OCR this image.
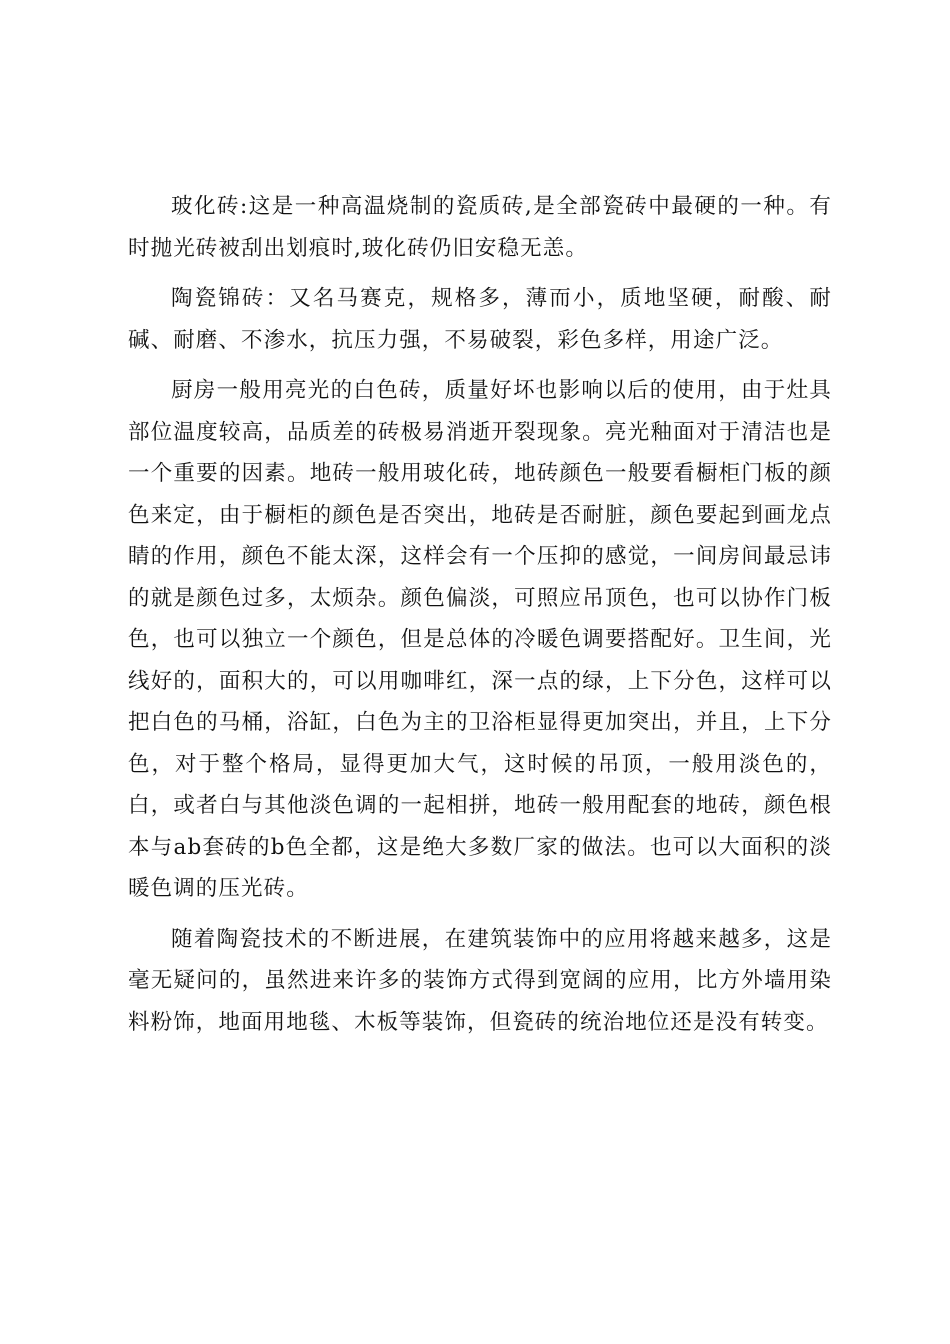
玻化砖:这是一种高温烧制的瓷质砖,是全部瓷砖中最硬的一种。有时抛光砖被刮出划痕时,玻化砖仍旧安稳无恙。

陶瓷锦砖：又名马赛克，规格多，薄而小，质地坚硬，耐酸、耐碱、耐磨、不渗水，抗压力强，不易破裂，彩色多样，用途广泛。

厨房一般用亮光的白色砖，质量好坏也影响以后的使用，由于灶具部位温度较高，品质差的砖极易消逝开裂现象。亮光釉面对于清洁也是一个重要的因素。地砖一般用玻化砖，地砖颜色一般要看橱柜门板的颜色来定，由于橱柜的颜色是否突出，地砖是否耐脏，颜色要起到画龙点睛的作用，颜色不能太深，这样会有一个压抑的感觉，一间房间最忌讳的就是颜色过多，太烦杂。颜色偏淡，可照应吊顶色，也可以协作门板色，也可以独立一个颜色，但是总体的冷暖色调要搭配好。卫生间，光线好的，面积大的，可以用咖啡红，深一点的绿，上下分色，这样可以把白色的马桶，浴缸，白色为主的卫浴柜显得更加突出，并且，上下分色，对于整个格局，显得更加大气，这时候的吊顶，一般用淡色的，白，或者白与其他淡色调的一起相拼，地砖一般用配套的地砖，颜色根本与ab套砖的b色全都，这是绝大多数厂家的做法。也可以大面积的淡暖色调的压光砖。

随着陶瓷技术的不断进展，在建筑装饰中的应用将越来越多，这是毫无疑问的，虽然进来许多的装饰方式得到宽阔的应用，比方外墙用染料粉饰，地面用地毯、木板等装饰，但瓷砖的统治地位还是没有转变。
